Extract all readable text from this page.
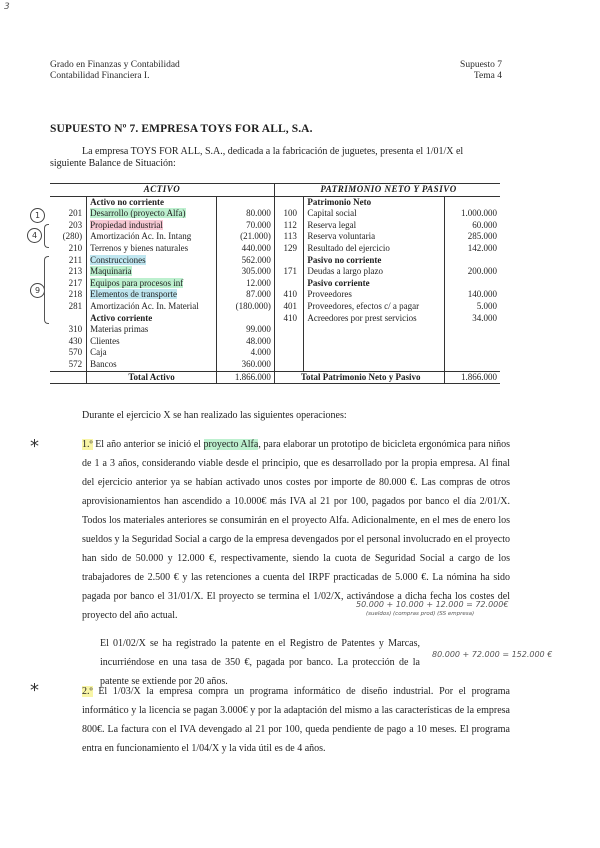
3
Grado en Finanzas y Contabilidad
Contabilidad Financiera I.
Supuesto 7
Tema 4
SUPUESTO Nº 7. EMPRESA TOYS FOR ALL, S.A.
La empresa TOYS FOR ALL, S.A., dedicada a la fabricación de juguetes, presenta el 1/01/X el
siguiente Balance de Situación:
1
4
9
ACTIVO				PATRIMONIO NETO Y PASIVO		
	Activo no corriente				Patrimonio Neto	
201	Desarrollo (proyecto Alfa)	80.000		100	Capital social	1.000.000
203	Propiedad industrial	70.000		112	Reserva legal	60.000
(280)	Amortización Ac. In. Intang	(21.000)		113	Reserva voluntaria	285.000
210	Terrenos y bienes naturales	440.000		129	Resultado del ejercicio	142.000
211	Construcciones	562.000			Pasivo no corriente	
213	Maquinaria	305.000		171	Deudas a largo plazo	200.000
217	Equipos para procesos inf	12.000			Pasivo corriente	
218	Elementos de transporte	87.000		410	Proveedores	140.000
281	Amortización Ac. In. Material	(180.000)		401	Proveedores, efectos c/ a pagar	5.000
	Activo corriente			410	Acreedores por prest servicios	34.000
310	Materias primas	99.000				
430	Clientes	48.000				
570	Caja	4.000				
572	Bancos	360.000				
	Total Activo	1.866.000		Total Patrimonio Neto y Pasivo		1.866.000
Durante el ejercicio X se han realizado las siguientes operaciones:
*
*

1.º El año anterior se inició el proyecto Alfa, para elaborar un prototipo de bicicleta ergonómica para niños de 1 a 3 años, considerando viable desde el principio, que es desarrollado por la propia empresa. Al final del ejercicio anterior ya se habían activado unos costes por importe de 80.000 €. Las compras de otros aprovisionamientos han ascendido a 10.000€ más IVA al 21 por 100, pagados por banco el día 2/01/X. Todos los materiales anteriores se consumirán en el proyecto Alfa. Adicionalmente, en el mes de enero los sueldos y la Seguridad Social a cargo de la empresa devengados por el personal involucrado en el proyecto han sido de 50.000 y 12.000 €, respectivamente, siendo la cuota de Seguridad Social a cargo de los trabajadores de 2.500 € y las retenciones a cuenta del IRPF practicadas de 5.000 €. La nómina ha sido pagada por banco el 31/01/X. El proyecto se termina el 1/02/X, activándose a dicha fecha los costes del proyecto del año actual.

50.000 + 10.000 + 12.000 = 72.000€
(sueldos) (compras prod) (SS empresa)

El 01/02/X se ha registrado la patente en el Registro de Patentes y Marcas, incurriéndose en una tasa de 350 €, pagada por banco. La protección de la patente se extiende por 20 años.

80.000 + 72.000 = 152.000 €

2.º El 1/03/X la empresa compra un programa informático de diseño industrial. Por el programa informático y la licencia se pagan 3.000€ y por la adaptación del mismo a las características de la empresa 800€. La factura con el IVA devengado al 21 por 100, queda pendiente de pago a 10 meses. El programa entra en funcionamiento el 1/04/X y la vida útil es de 4 años.
